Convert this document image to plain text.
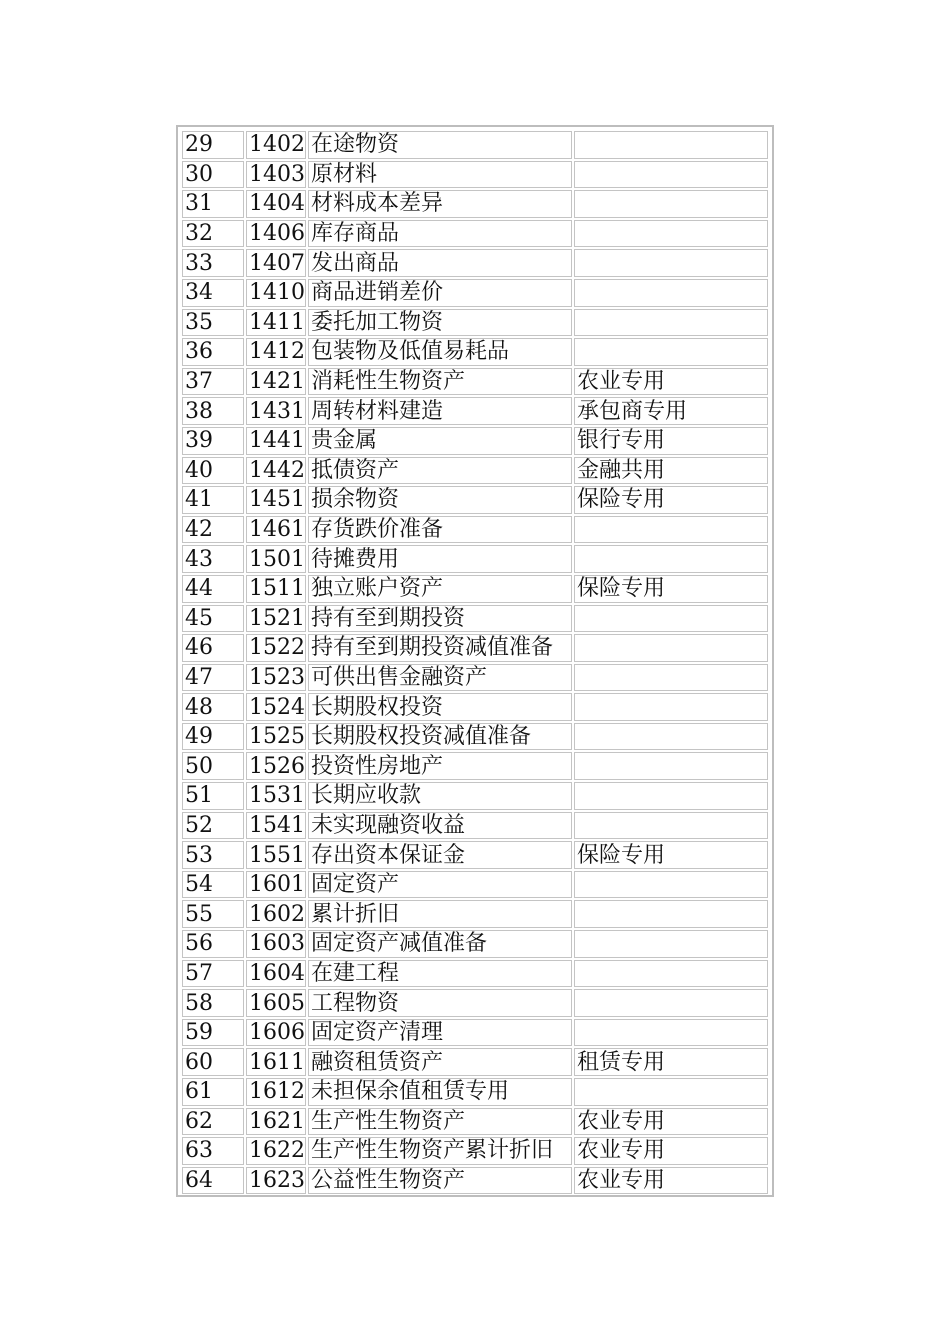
29	1402	在途物资	
30	1403	原材料	
31	1404	材料成本差异	
32	1406	库存商品	
33	1407	发出商品	
34	1410	商品进销差价	
35	1411	委托加工物资	
36	1412	包装物及低值易耗品	
37	1421	消耗性生物资产	农业专用
38	1431	周转材料建造	承包商专用
39	1441	贵金属	银行专用
40	1442	抵债资产	金融共用
41	1451	损余物资	保险专用
42	1461	存货跌价准备	
43	1501	待摊费用	
44	1511	独立账户资产	保险专用
45	1521	持有至到期投资	
46	1522	持有至到期投资减值准备	
47	1523	可供出售金融资产	
48	1524	长期股权投资	
49	1525	长期股权投资减值准备	
50	1526	投资性房地产	
51	1531	长期应收款	
52	1541	未实现融资收益	
53	1551	存出资本保证金	保险专用
54	1601	固定资产	
55	1602	累计折旧	
56	1603	固定资产减值准备	
57	1604	在建工程	
58	1605	工程物资	
59	1606	固定资产清理	
60	1611	融资租赁资产	租赁专用
61	1612	未担保余值租赁专用	
62	1621	生产性生物资产	农业专用
63	1622	生产性生物资产累计折旧	农业专用
64	1623	公益性生物资产	农业专用
